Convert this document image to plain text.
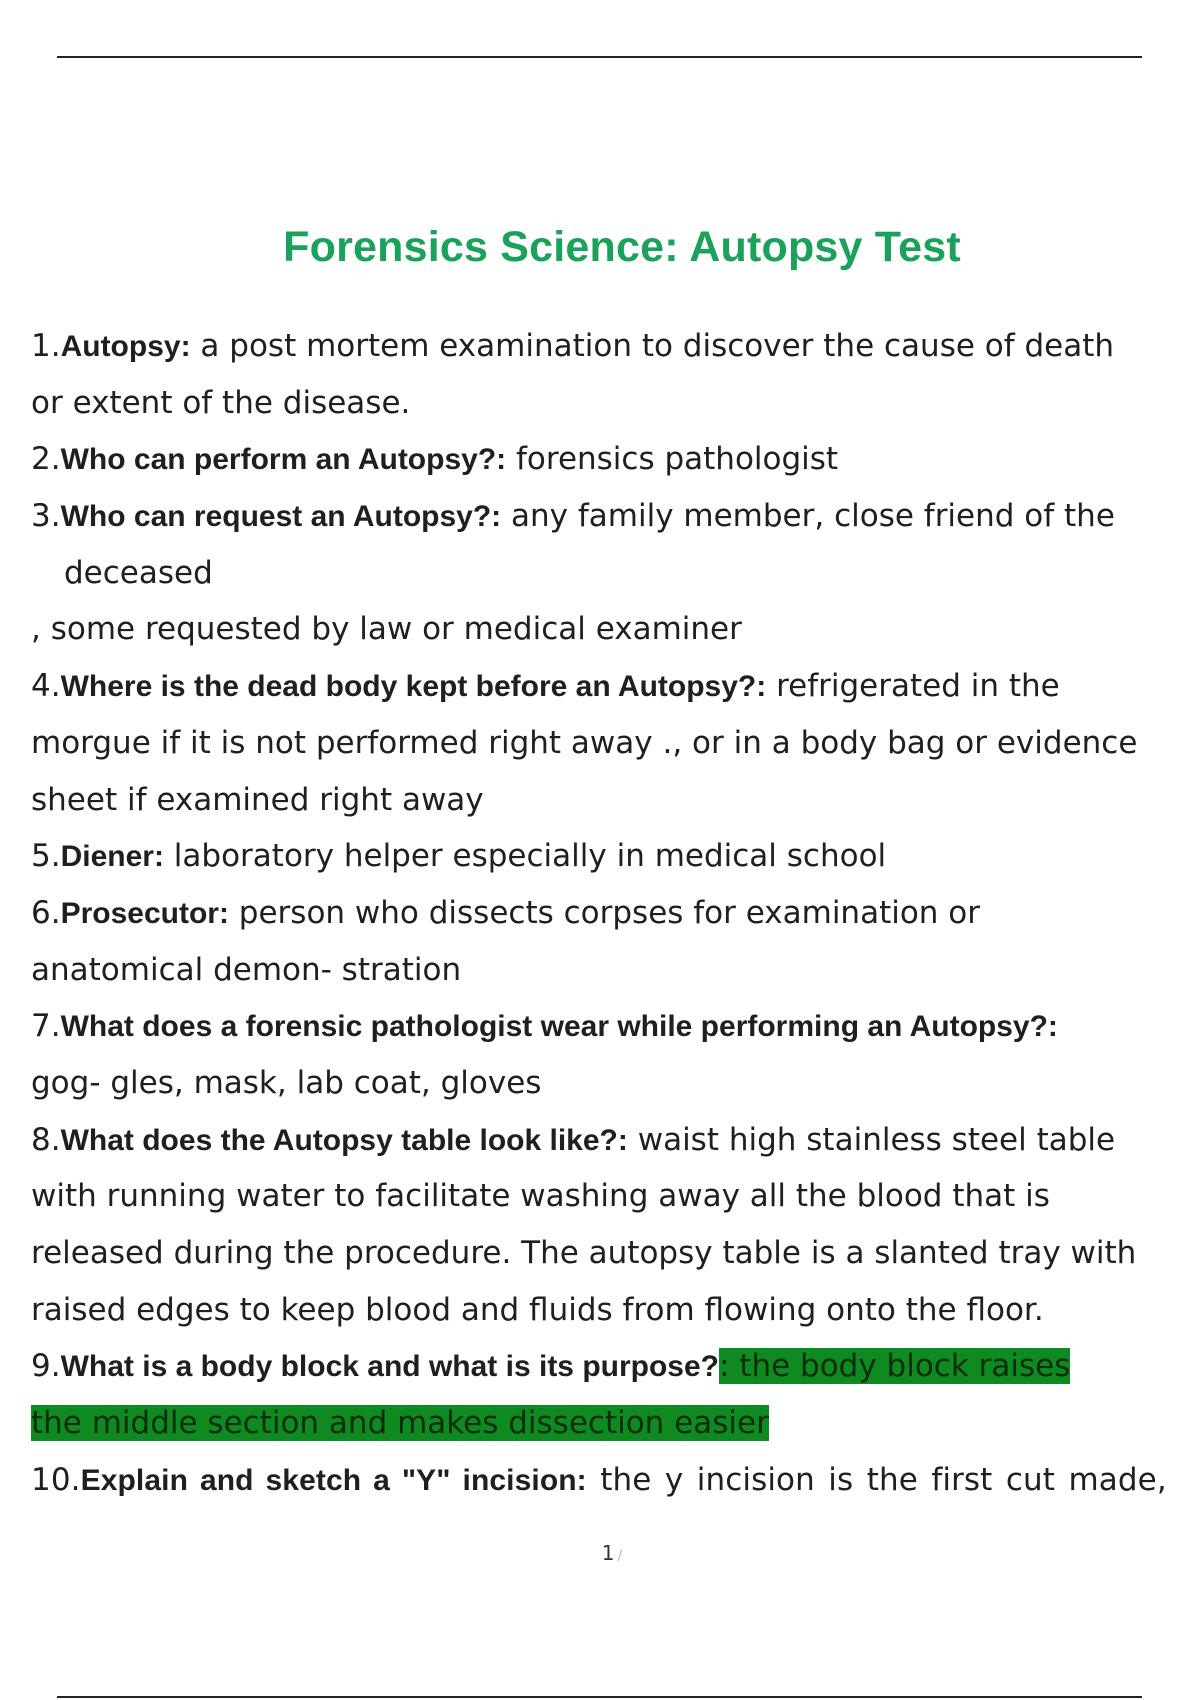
Forensics Science: Autopsy Test
1.Autopsy: a post mortem examination to discover the cause of death
or extent of the disease.
2.Who can perform an Autopsy?: forensics pathologist
3.Who can request an Autopsy?: any family member, close friend of the
deceased
, some requested by law or medical examiner
4.Where is the dead body kept before an Autopsy?: refrigerated in the
morgue if it is not performed right away ., or in a body bag or evidence
sheet if examined right away
5.Diener: laboratory helper especially in medical school
6.Prosecutor: person who dissects corpses for examination or
anatomical demon- stration
7.What does a forensic pathologist wear while performing an Autopsy?:
gog- gles, mask, lab coat, gloves
8.What does the Autopsy table look like?: waist high stainless steel table
with running water to facilitate washing away all the blood that is
released during the procedure. The autopsy table is a slanted tray with
raised edges to keep blood and fluids from flowing onto the floor.
9.What is a body block and what is its purpose?: the body block raises
the middle section and makes dissection easier
10.Explain and sketch a "Y" incision: the y incision is the first cut made,
1 /
